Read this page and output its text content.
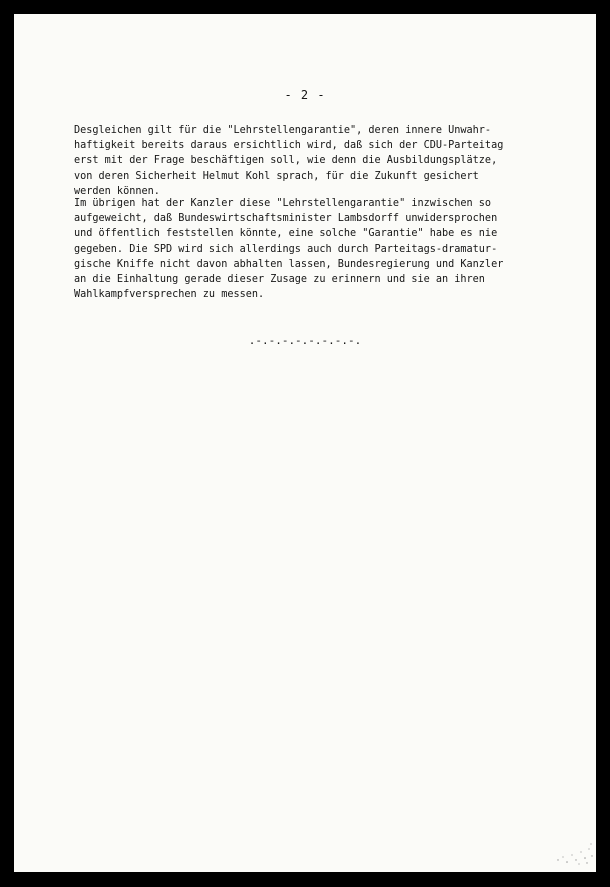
- 2 -

Desgleichen gilt für die "Lehrstellengarantie", deren innere Unwahr-
haftigkeit bereits daraus ersichtlich wird, daß sich der CDU-Parteitag
erst mit der Frage beschäftigen soll, wie denn die Ausbildungsplätze,
von deren Sicherheit Helmut Kohl sprach, für die Zukunft gesichert
werden können.

Im übrigen hat der Kanzler diese "Lehrstellengarantie" inzwischen so
aufgeweicht, daß Bundeswirtschaftsminister Lambsdorff unwidersprochen
und öffentlich feststellen könnte, eine solche "Garantie" habe es nie
gegeben. Die SPD wird sich allerdings auch durch Parteitags-dramatur-
gische Kniffe nicht davon abhalten lassen, Bundesregierung und Kanzler
an die Einhaltung gerade dieser Zusage zu erinnern und sie an ihren
Wahlkampfversprechen zu messen.

.-.-.-.-.-.-.-.-.
